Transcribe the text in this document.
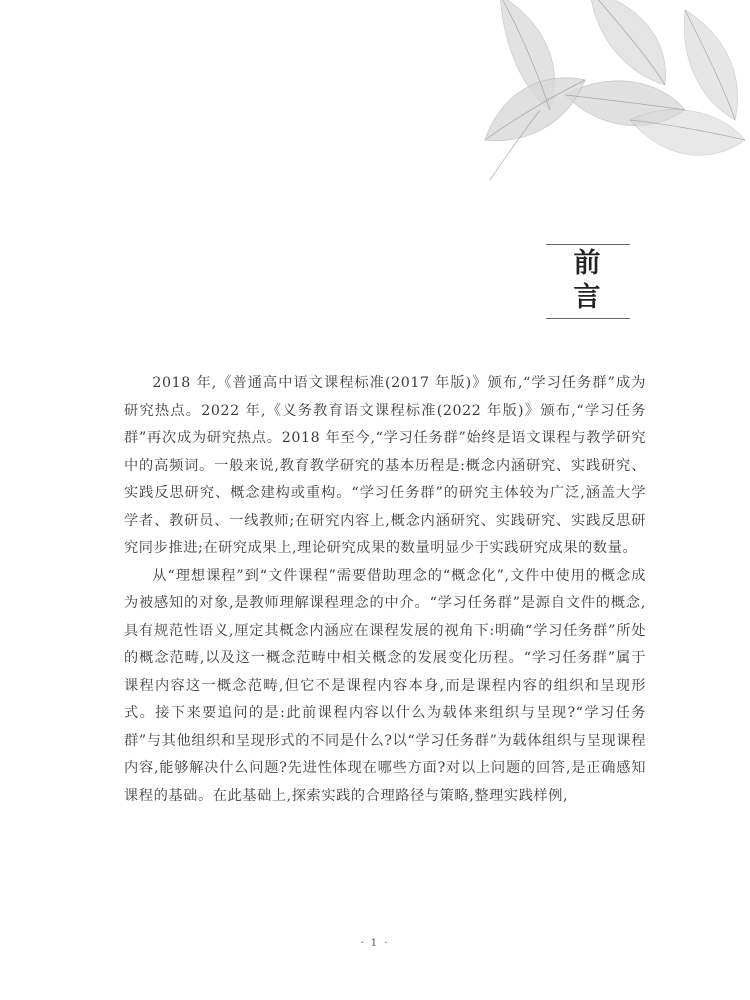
前 言

2018 年,《普通高中语文课程标准(2017 年版)》颁布,“学习任务群”成为研究热点。2022 年,《义务教育语文课程标准(2022 年版)》颁布,“学习任务群”再次成为研究热点。2018 年至今,“学习任务群”始终是语文课程与教学研究中的高频词。一般来说,教育教学研究的基本历程是:概念内涵研究、实践研究、实践反思研究、概念建构或重构。“学习任务群”的研究主体较为广泛,涵盖大学学者、教研员、一线教师;在研究内容上,概念内涵研究、实践研究、实践反思研究同步推进;在研究成果上,理论研究成果的数量明显少于实践研究成果的数量。

从“理想课程”到“文件课程”需要借助理念的“概念化”,文件中使用的概念成为被感知的对象,是教师理解课程理念的中介。“学习任务群”是源自文件的概念,具有规范性语义,厘定其概念内涵应在课程发展的视角下:明确“学习任务群”所处的概念范畴,以及这一概念范畴中相关概念的发展变化历程。“学习任务群”属于课程内容这一概念范畴,但它不是课程内容本身,而是课程内容的组织和呈现形式。接下来要追问的是:此前课程内容以什么为载体来组织与呈现?“学习任务群”与其他组织和呈现形式的不同是什么?以“学习任务群”为载体组织与呈现课程内容,能够解决什么问题?先进性体现在哪些方面?对以上问题的回答,是正确感知课程的基础。在此基础上,探索实践的合理路径与策略,整理实践样例,

· 1 ·
